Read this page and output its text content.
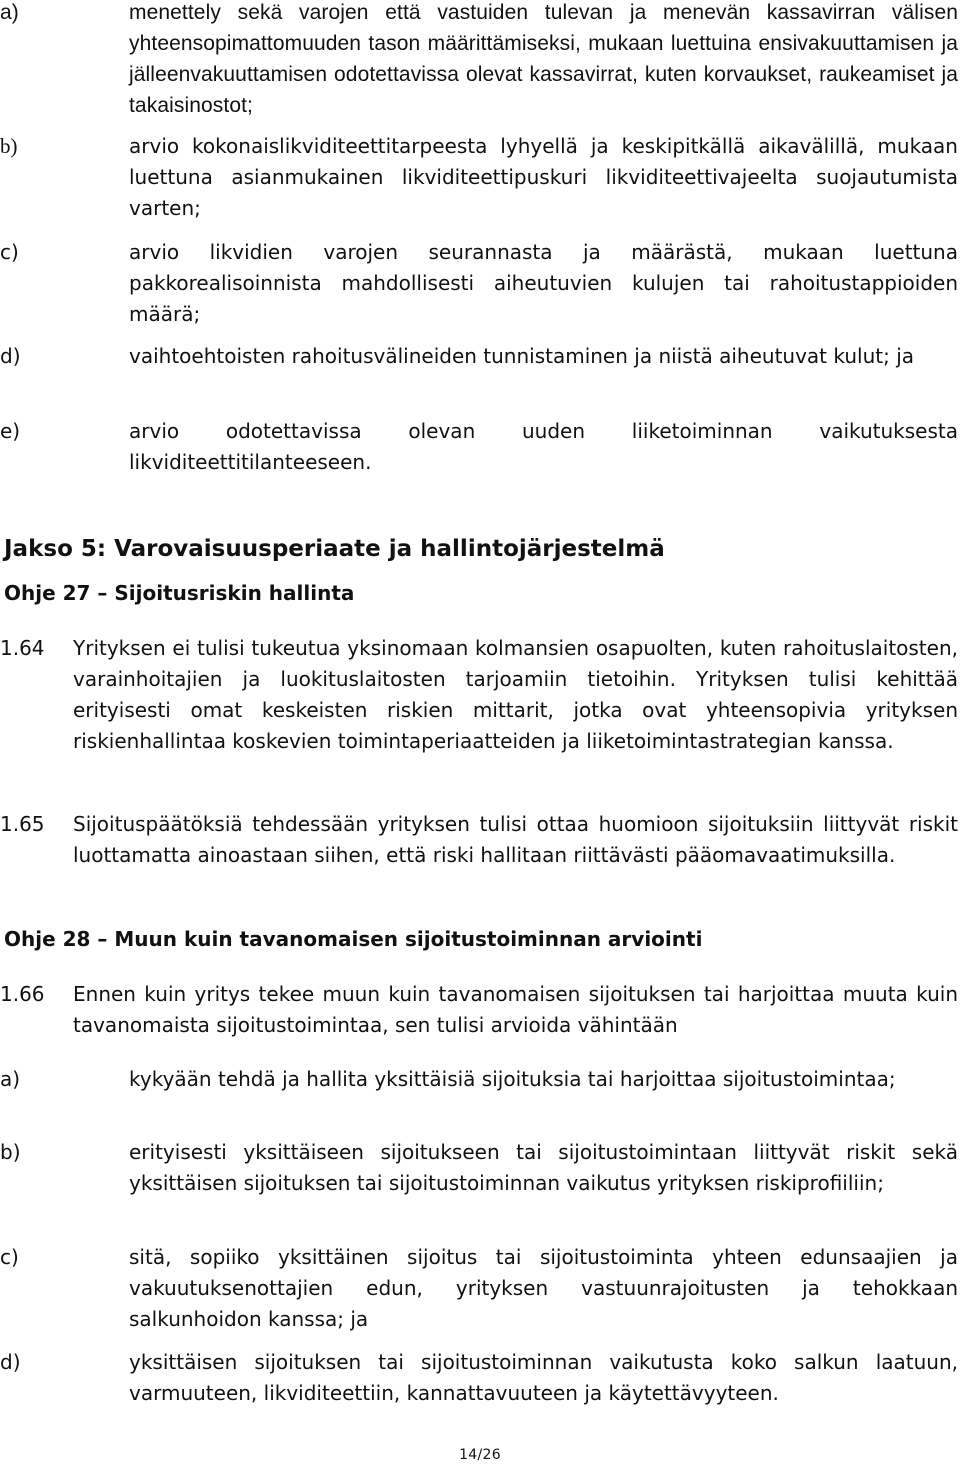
a)	menettely sekä varojen että vastuiden tulevan ja menevän kassavirran välisen yhteensopimattomuuden tason määrittämiseksi, mukaan luettuina ensivakuuttamisen ja jälleenvakuuttamisen odotettavissa olevat kassavirrat, kuten korvaukset, raukeamiset ja takaisinostot;
b)	arvio kokonaislikviditeettitarpeesta lyhyellä ja keskipitkällä aikavälillä, mukaan luettuna asianmukainen likviditeettipuskuri likviditeettivajeelta suojautumista varten;
c)	arvio likvidien varojen seurannasta ja määrästä, mukaan luettuna pakkorealisoinnista mahdollisesti aiheutuvien kulujen tai rahoitustappioiden määrä;
d)	vaihtoehtoisten rahoitusvälineiden tunnistaminen ja niistä aiheutuvat kulut; ja
e)	arvio odotettavissa olevan uuden liiketoiminnan vaikutuksesta likviditeettitilanteeseen.
Jakso 5: Varovaisuusperiaate ja hallintojärjestelmä
Ohje 27 – Sijoitusriskin hallinta
1.64 Yrityksen ei tulisi tukeutua yksinomaan kolmansien osapuolten, kuten rahoituslaitosten, varainhoitajien ja luokituslaitosten tarjoamiin tietoihin. Yrityksen tulisi kehittää erityisesti omat keskeisten riskien mittarit, jotka ovat yhteensopivia yrityksen riskienhallintaa koskevien toimintaperiaatteiden ja liiketoimintastrategian kanssa.
1.65 Sijoituspäätöksiä tehdessään yrityksen tulisi ottaa huomioon sijoituksiin liittyvät riskit luottamatta ainoastaan siihen, että riski hallitaan riittävästi pääomavaatimuksilla.
Ohje 28 – Muun kuin tavanomaisen sijoitustoiminnan arviointi
1.66 Ennen kuin yritys tekee muun kuin tavanomaisen sijoituksen tai harjoittaa muuta kuin tavanomaista sijoitustoimintaa, sen tulisi arvioida vähintään
a)	kykyään tehdä ja hallita yksittäisiä sijoituksia tai harjoittaa sijoitustoimintaa;
b)	erityisesti yksittäiseen sijoitukseen tai sijoitustoimintaan liittyvät riskit sekä yksittäisen sijoituksen tai sijoitustoiminnan vaikutus yrityksen riskiprofiiliin;
c)	sitä, sopiiko yksittäinen sijoitus tai sijoitustoiminta yhteen edunsaajien ja vakuutuksenottajien edun, yrityksen vastuunrajoitusten ja tehokkaan salkunhoidon kanssa; ja
d)	yksittäisen sijoituksen tai sijoitustoiminnan vaikutusta koko salkun laatuun, varmuuteen, likviditeettiin, kannattavuuteen ja käytettävyyteen.
14/26
